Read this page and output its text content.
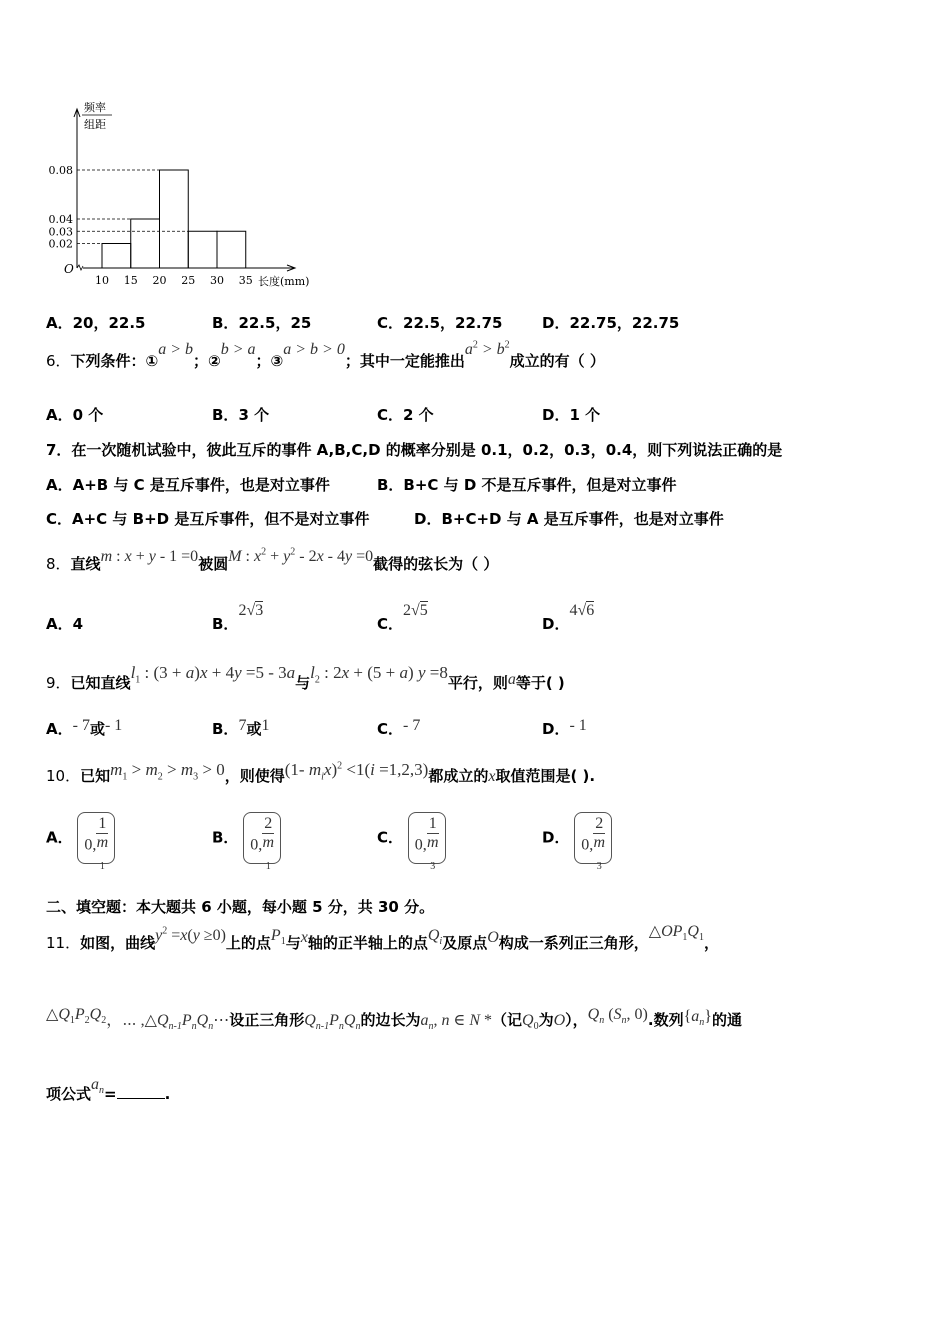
频率
组距
0.08
0.04
0.03
0.02
10 15 20 25 30 35
O
长度(mm)
A．20，22.5	B．22.5，25	C．22.5，22.75	D．22.75，22.75
6．下列条件：①a > b；②b > a；③a > b > 0；其中一定能推出$a^2 > b^2$成立的有（ ）
A．0 个	B．3 个	C．2 个	D．1 个
7．在一次随机试验中，彼此互斥的事件 A,B,C,D 的概率分别是 0.1，0.2，0.3，0.4，则下列说法正确的是
A．A+B 与 C 是互斥事件，也是对立事件	B．B+C 与 D 不是互斥事件，但是对立事件
C．A+C 与 B+D 是互斥事件，但不是对立事件	D．B+C+D 与 A 是互斥事件，也是对立事件
8．直线m : x + y - 1 =0被圆M : $x^2 + y^2 - 2x - 4y =0$截得的弦长为（ ）
A．4	B．2√3
C．2√5
D．4√6
9．已知直线$l_1$ : (3 + a)x + 4y =5 - 3a与$l_2$ : 2x + (5 + a) y =8平行，则a等于( )
A．- 7或- 1	B．7或1	C．- 7	D．- 1
10．已知$m_1 > m_2 > m_3 > 0$，则使得(1- $m_ix)^2 <1(i =1,2,3)$都成立的x取值范围是( ).
A． 0, 1
m
$_1$	B． 0, 2
m
$_1$	C． 0, 1
m
$_3$	D． 0, 2
m
$_3$
二、填空题：本大题共 6 小题，每小题 5 分，共 30 分。
11．如图，曲线$y^2 =x(y \ge 0)$上的点$P_1$与x轴的正半轴上的点$Q_i$及原点O构成一系列正三角形，$\triangle OP_1Q_1$，
$\triangle Q_1P_2Q_2$，⋯ $,\triangle Q_{n-1}P_nQ_n\cdots$设正三角形$Q_{n-1}P_nQ_n$的边长为$a_n$, n ∈ N *（记$Q_0$为O），$Q_n$ ($S_n$, 0).数列$\{a_n\}$的通
项公式$a_n=$	.
